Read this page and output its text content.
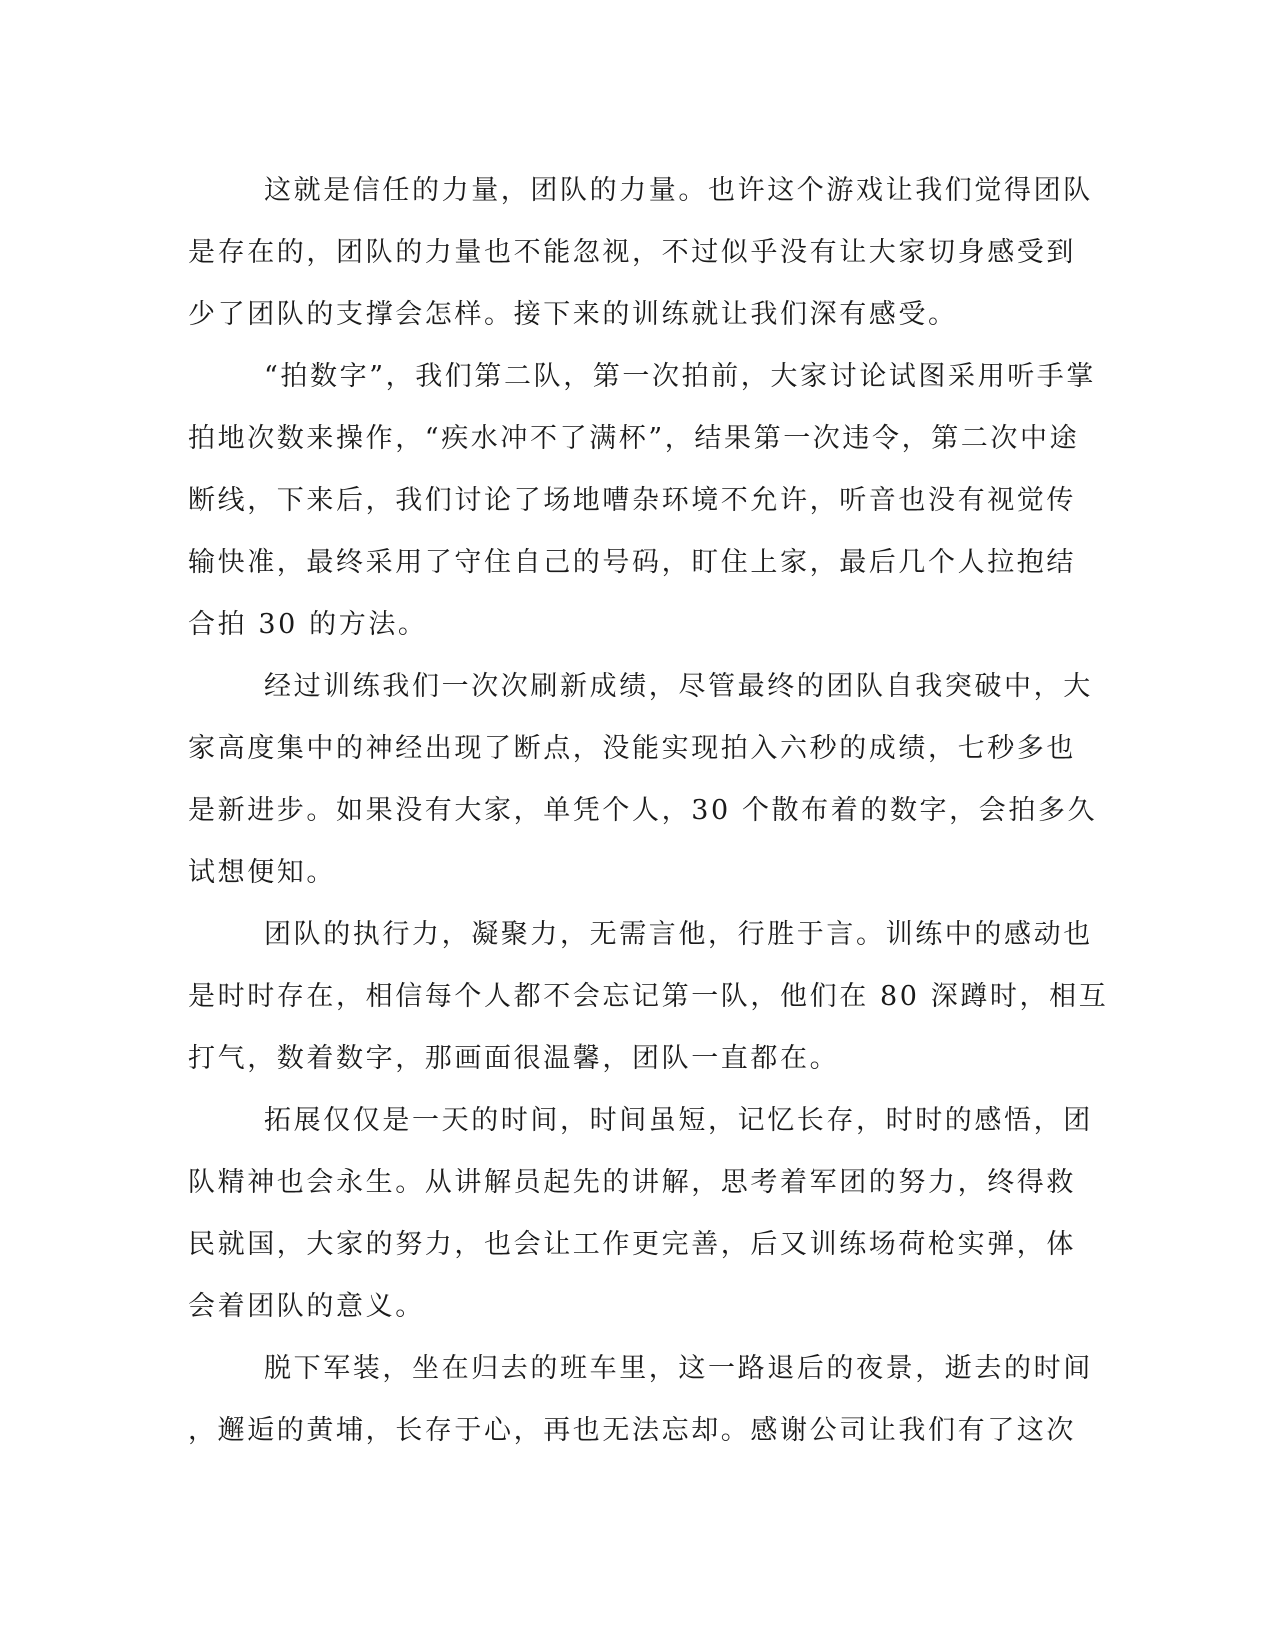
这就是信任的力量，团队的力量。也许这个游戏让我们觉得团队
是存在的，团队的力量也不能忽视，不过似乎没有让大家切身感受到
少了团队的支撑会怎样。接下来的训练就让我们深有感受。
“拍数字”，我们第二队，第一次拍前，大家讨论试图采用听手掌
拍地次数来操作，“疾水冲不了满杯”，结果第一次违令，第二次中途
断线，下来后，我们讨论了场地嘈杂环境不允许，听音也没有视觉传
输快准，最终采用了守住自己的号码，盯住上家，最后几个人拉抱结
合拍 30 的方法。
经过训练我们一次次刷新成绩，尽管最终的团队自我突破中，大
家高度集中的神经出现了断点，没能实现拍入六秒的成绩，七秒多也
是新进步。如果没有大家，单凭个人，30 个散布着的数字，会拍多久
试想便知。
团队的执行力，凝聚力，无需言他，行胜于言。训练中的感动也
是时时存在，相信每个人都不会忘记第一队，他们在 80 深蹲时，相互
打气，数着数字，那画面很温馨，团队一直都在。
拓展仅仅是一天的时间，时间虽短，记忆长存，时时的感悟，团
队精神也会永生。从讲解员起先的讲解，思考着军团的努力，终得救
民就国，大家的努力，也会让工作更完善，后又训练场荷枪实弹，体
会着团队的意义。
脱下军装，坐在归去的班车里，这一路退后的夜景，逝去的时间
，邂逅的黄埔，长存于心，再也无法忘却。感谢公司让我们有了这次
